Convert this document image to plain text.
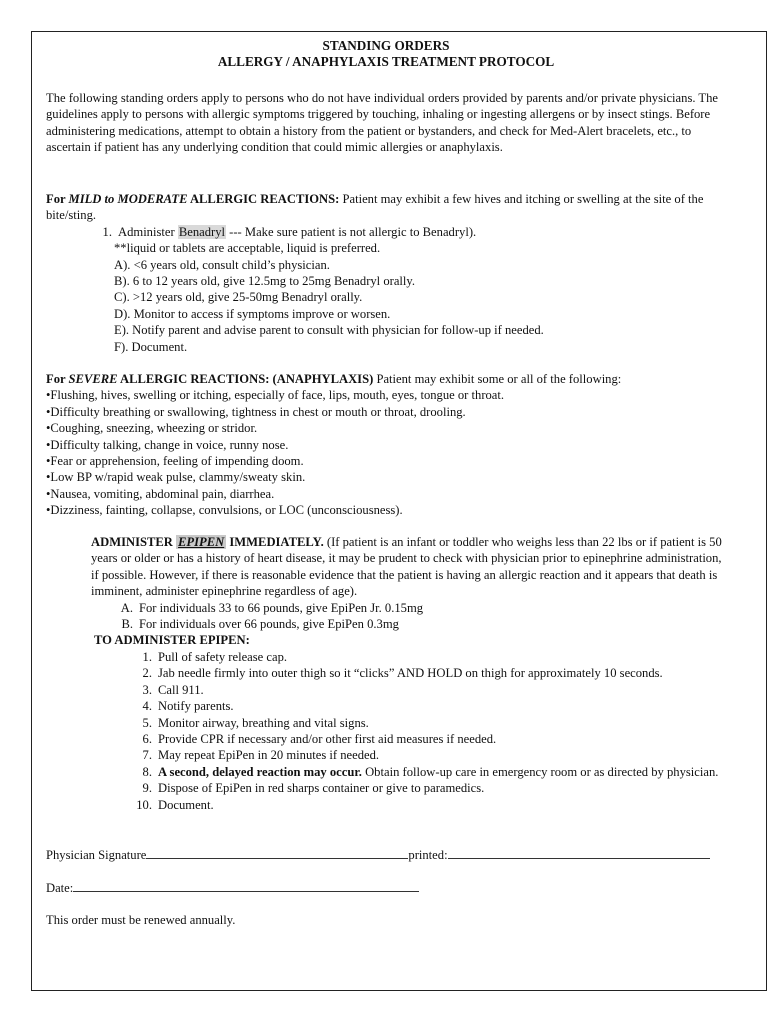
STANDING ORDERS
ALLERGY / ANAPHYLAXIS TREATMENT PROTOCOL

The following standing orders apply to persons who do not have individual orders provided by parents and/or private physicians. The guidelines apply to persons with allergic symptoms triggered by touching, inhaling or ingesting allergens or by insect stings. Before administering medications, attempt to obtain a history from the patient or bystanders, and check for Med-Alert bracelets, etc., to ascertain if patient has any underlying condition that could mimic allergies or anaphylaxis.

For MILD to MODERATE ALLERGIC REACTIONS: Patient may exhibit a few hives and itching or swelling at the site of the bite/sting.

1. Administer Benadryl --- Make sure patient is not allergic to Benadryl).
**liquid or tablets are acceptable, liquid is preferred.
A). <6 years old, consult child’s physician.
B). 6 to 12 years old, give 12.5mg to 25mg Benadryl orally.
C). >12 years old, give 25-50mg Benadryl orally.
D). Monitor to access if symptoms improve or worsen.
E). Notify parent and advise parent to consult with physician for follow-up if needed.
F). Document.

For SEVERE ALLERGIC REACTIONS: (ANAPHYLAXIS) Patient may exhibit some or all of the following:

•Flushing, hives, swelling or itching, especially of face, lips, mouth, eyes, tongue or throat.
•Difficulty breathing or swallowing, tightness in chest or mouth or throat, drooling.
•Coughing, sneezing, wheezing or stridor.
•Difficulty talking, change in voice, runny nose.
•Fear or apprehension, feeling of impending doom.
•Low BP w/rapid weak pulse, clammy/sweaty skin.
•Nausea, vomiting, abdominal pain, diarrhea.
•Dizziness, fainting, collapse, convulsions, or LOC (unconsciousness).

ADMINISTER EPIPEN IMMEDIATELY. (If patient is an infant or toddler who weighs less than 22 lbs or if patient is 50 years or older or has a history of heart disease, it may be prudent to check with physician prior to epinephrine administration, if possible. However, if there is reasonable evidence that the patient is having an allergic reaction and it appears that death is imminent, administer epinephrine regardless of age).

A. For individuals 33 to 66 pounds, give EpiPen Jr. 0.15mg
B. For individuals over 66 pounds, give EpiPen 0.3mg
TO ADMINISTER EPIPEN:
1. Pull of safety release cap.
2. Jab needle firmly into outer thigh so it “clicks” AND HOLD on thigh for approximately 10 seconds.
3. Call 911.
4. Notify parents.
5. Monitor airway, breathing and vital signs.
6. Provide CPR if necessary and/or other first aid measures if needed.
7. May repeat EpiPen in 20 minutes if needed.
8. A second, delayed reaction may occur. Obtain follow-up care in emergency room or as directed by physician.
9. Dispose of EpiPen in red sharps container or give to paramedics.
10. Document.
Physician Signature	printed:
Date:
This order must be renewed annually.
